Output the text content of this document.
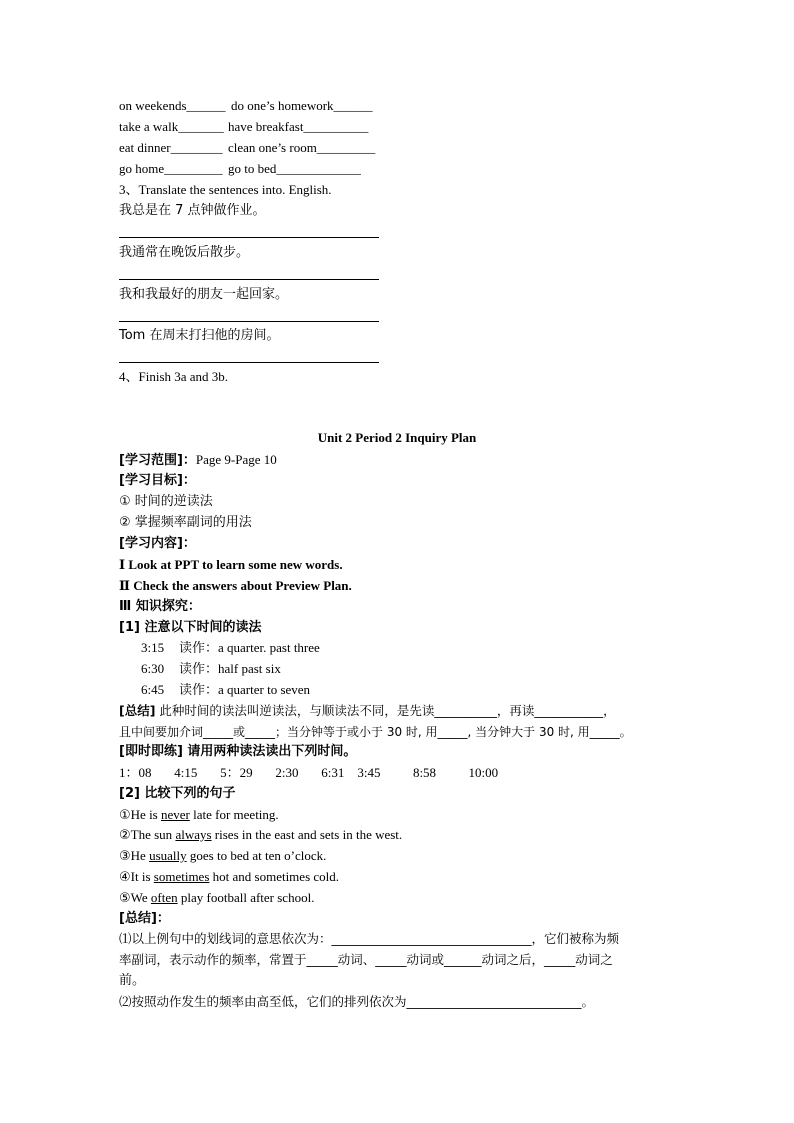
on weekends______ do one’s homework______
take a walk_______ have breakfast__________
eat dinner________ clean one’s room_________
go home_________ go to bed_____________
3、Translate the sentences into. English.
我总是在 7 点钟做作业。
我通常在晚饭后散步。
我和我最好的朋友一起回家。
Tom 在周末打扫他的房间。
4、Finish 3a and 3b.
Unit 2 Period 2 Inquiry Plan
[学习范围]：Page 9-Page 10
[学习目标]：
① 时间的逆读法
② 掌握频率副词的用法
[学习内容]：
Ⅰ Look at PPT to learn some new words.
Ⅱ Check the answers about Preview Plan.
Ⅲ 知识探究：
[1] 注意以下时间的读法
3:15 读作：a quarter. past three
6:30 读作：half past six
6:45 读作：a quarter to seven
[总结] 此种时间的读法叫逆读法，与顺读法不同，是先读__________，再读___________，
且中间要加介词_____或_____；当分钟等于或小于 30 时, 用_____, 当分钟大于 30 时, 用_____。
[即时即练] 请用两种读法读出下列时间。
1：08       4:15       5：29       2:30       6:31    3:45          8:58          10:00
[2] 比较下列的句子
①He is never late for meeting.
②The sun always rises in the east and sets in the west.
③He usually goes to bed at ten o’clock.
④It is sometimes hot and sometimes cold.
⑤We often play football after school.
[总结]：
⑴以上例句中的划线词的意思依次为：________________________________，它们被称为频
率副词，表示动作的频率，常置于_____动词、_____动词或______动词之后，_____动词之
前。
⑵按照动作发生的频率由高至低，它们的排列依次为____________________________。
